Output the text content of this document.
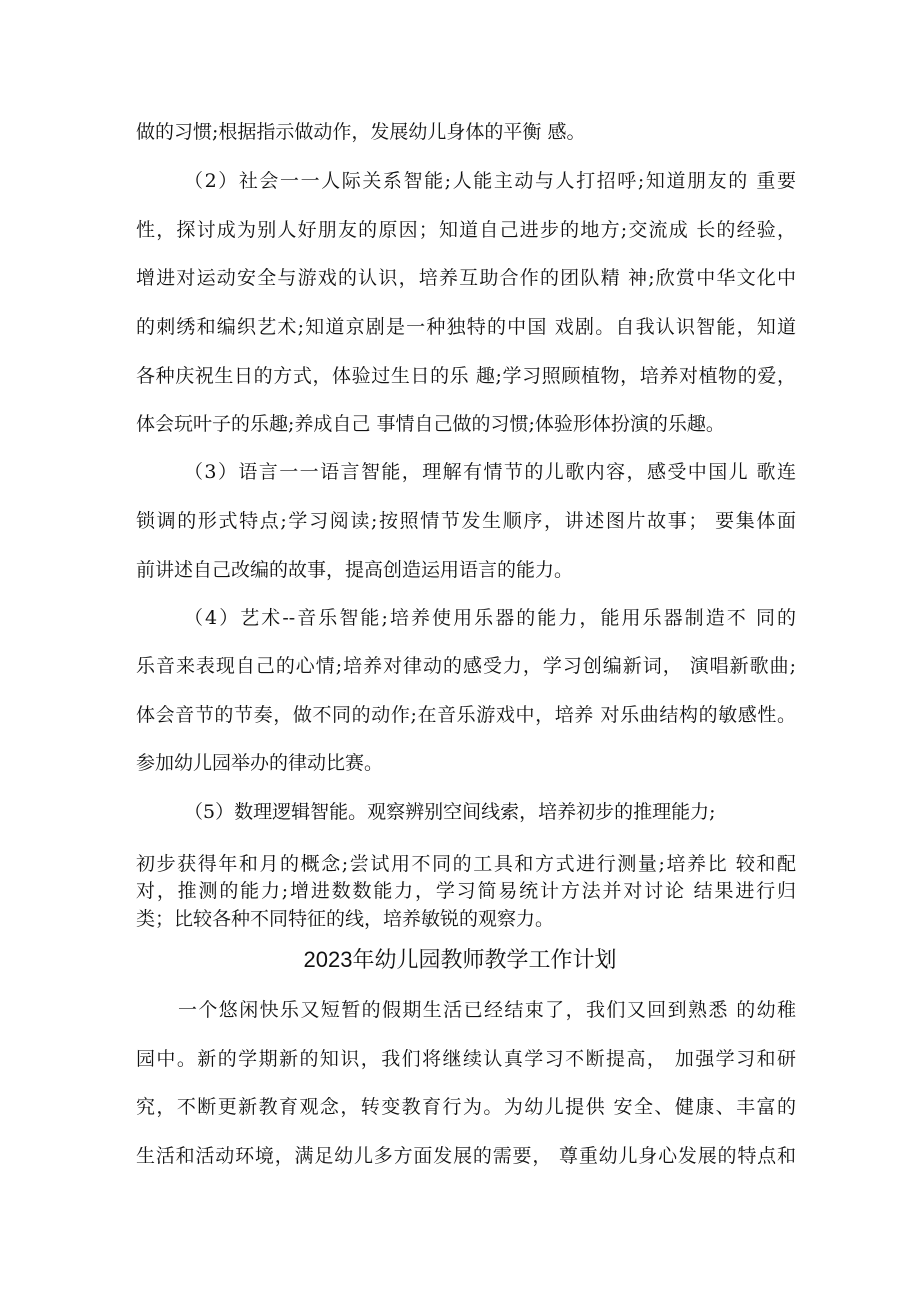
做的习惯;根据指示做动作，发展幼儿身体的平衡 感。
（2）社会一一人际关系智能;人能主动与人打招呼;知道朋友的 重要
性，探讨成为别人好朋友的原因；知道自己进步的地方;交流成 长的经验，
增进对运动安全与游戏的认识，培养互助合作的团队精 神;欣赏中华文化中
的刺绣和编织艺术;知道京剧是一种独特的中国 戏剧。自我认识智能，知道
各种庆祝生日的方式，体验过生日的乐 趣;学习照顾植物，培养对植物的爱，
体会玩叶子的乐趣;养成自己 事情自己做的习惯;体验形体扮演的乐趣。
（3）语言一一语言智能，理解有情节的儿歌内容，感受中国儿 歌连
锁调的形式特点;学习阅读;按照情节发生顺序，讲述图片故事； 要集体面
前讲述自己改编的故事，提高创造运用语言的能力。
（4）艺术--音乐智能;培养使用乐器的能力，能用乐器制造不 同的
乐音来表现自己的心情;培养对律动的感受力，学习创编新词， 演唱新歌曲;
体会音节的节奏，做不同的动作;在音乐游戏中，培养 对乐曲结构的敏感性。
参加幼儿园举办的律动比赛。
（5）数理逻辑智能。观察辨别空间线索，培养初步的推理能力;
初步获得年和月的概念;尝试用不同的工具和方式进行测量;培养比 较和配
对，推测的能力;增进数数能力，学习简易统计方法并对讨论 结果进行归
类；比较各种不同特征的线，培养敏锐的观察力。
2023年幼儿园教师教学工作计划
一个悠闲快乐又短暂的假期生活已经结束了，我们又回到熟悉 的幼稚
园中。新的学期新的知识，我们将继续认真学习不断提高， 加强学习和研
究，不断更新教育观念，转变教育行为。为幼儿提供 安全、健康、丰富的
生活和活动环境，满足幼儿多方面发展的需要， 尊重幼儿身心发展的特点和
